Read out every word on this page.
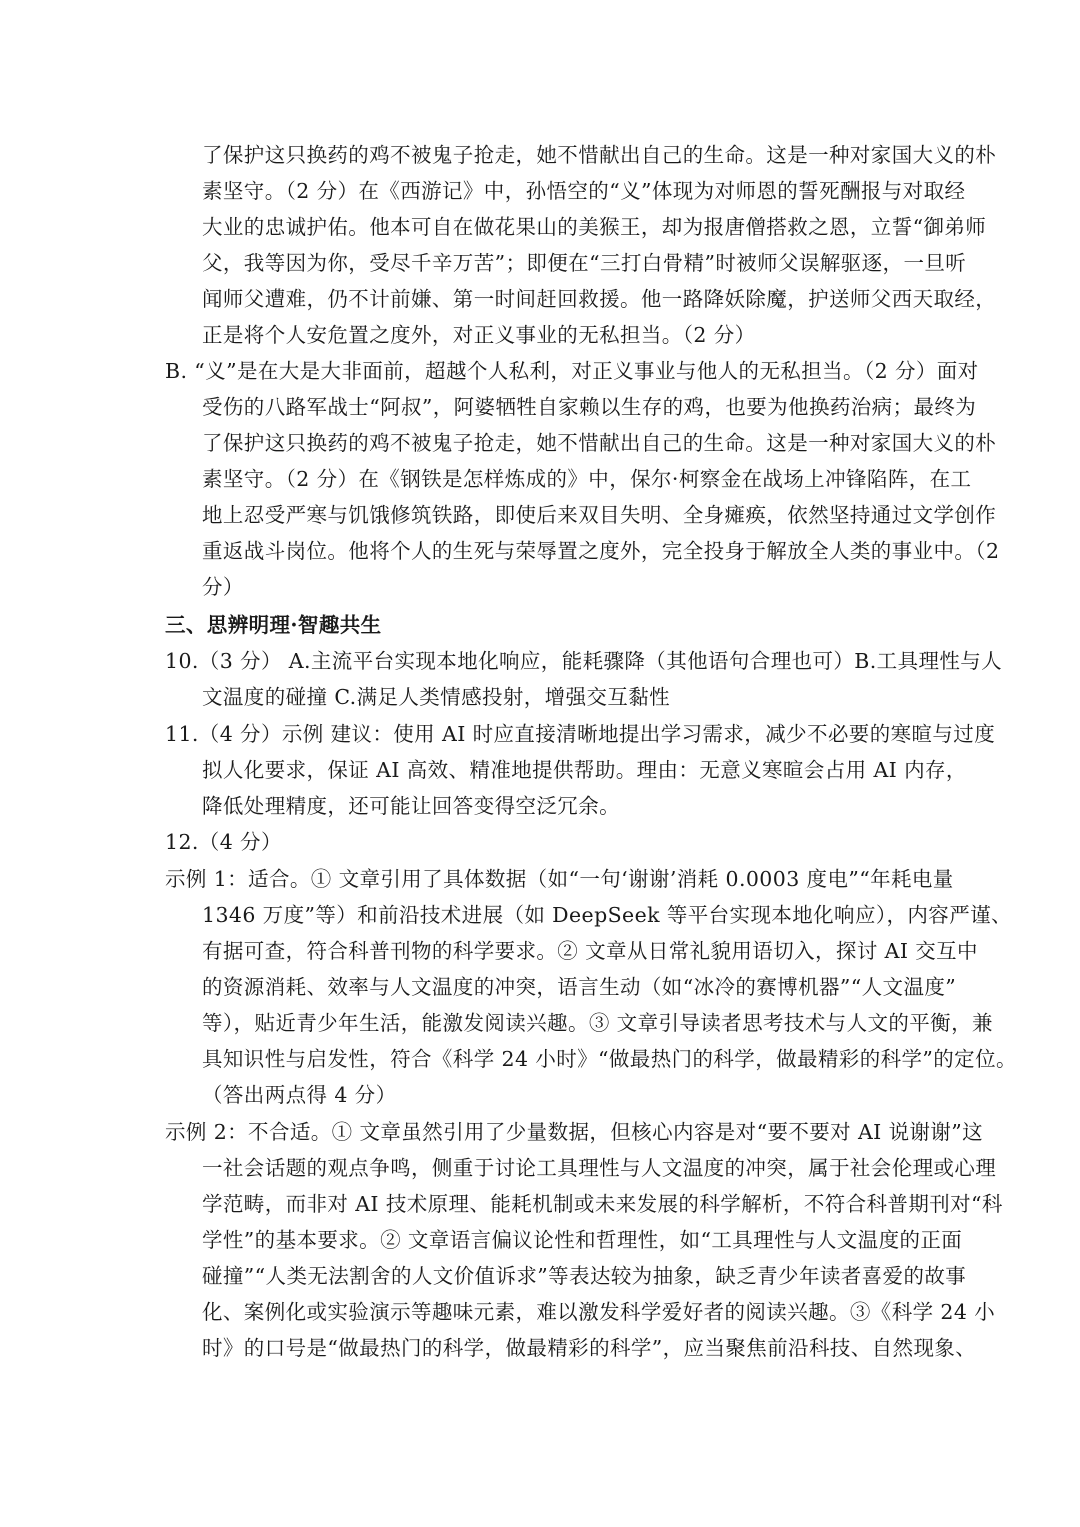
了保护这只换药的鸡不被鬼子抢走，她不惜献出自己的生命。这是一种对家国大义的朴
素坚守。（2 分）在《西游记》中，孙悟空的“义”体现为对师恩的誓死酬报与对取经
大业的忠诚护佑。他本可自在做花果山的美猴王，却为报唐僧搭救之恩，立誓“御弟师
父，我等因为你，受尽千辛万苦”；即便在“三打白骨精”时被师父误解驱逐，一旦听
闻师父遭难，仍不计前嫌、第一时间赶回救援。他一路降妖除魔，护送师父西天取经，
正是将个人安危置之度外，对正义事业的无私担当。（2 分）
B. “义”是在大是大非面前，超越个人私利，对正义事业与他人的无私担当。（2 分）面对
受伤的八路军战士“阿叔”，阿婆牺牲自家赖以生存的鸡，也要为他换药治病；最终为
了保护这只换药的鸡不被鬼子抢走，她不惜献出自己的生命。这是一种对家国大义的朴
素坚守。（2 分）在《钢铁是怎样炼成的》中，保尔·柯察金在战场上冲锋陷阵，在工
地上忍受严寒与饥饿修筑铁路，即使后来双目失明、全身瘫痪，依然坚持通过文学创作
重返战斗岗位。他将个人的生死与荣辱置之度外，完全投身于解放全人类的事业中。（2
分）
三、思辨明理·智趣共生
10.（3 分） A.主流平台实现本地化响应，能耗骤降（其他语句合理也可）B.工具理性与人
文温度的碰撞 C.满足人类情感投射，增强交互黏性
11.（4 分）示例 建议：使用 AI 时应直接清晰地提出学习需求，减少不必要的寒暄与过度
拟人化要求，保证 AI 高效、精准地提供帮助。理由：无意义寒暄会占用 AI 内存，
降低处理精度，还可能让回答变得空泛冗余。
12.（4 分）
示例 1：适合。① 文章引用了具体数据（如“一句‘谢谢’消耗 0.0003 度电”“年耗电量
1346 万度”等）和前沿技术进展（如 DeepSeek 等平台实现本地化响应），内容严谨、
有据可查，符合科普刊物的科学要求。② 文章从日常礼貌用语切入，探讨 AI 交互中
的资源消耗、效率与人文温度的冲突，语言生动（如“冰冷的赛博机器”“人文温度”
等），贴近青少年生活，能激发阅读兴趣。③ 文章引导读者思考技术与人文的平衡，兼
具知识性与启发性，符合《科学 24 小时》“做最热门的科学，做最精彩的科学”的定位。
（答出两点得 4 分）
示例 2：不合适。① 文章虽然引用了少量数据，但核心内容是对“要不要对 AI 说谢谢”这
一社会话题的观点争鸣，侧重于讨论工具理性与人文温度的冲突，属于社会伦理或心理
学范畴，而非对 AI 技术原理、能耗机制或未来发展的科学解析，不符合科普期刊对“科
学性”的基本要求。② 文章语言偏议论性和哲理性，如“工具理性与人文温度的正面
碰撞”“人类无法割舍的人文价值诉求”等表达较为抽象，缺乏青少年读者喜爱的故事
化、案例化或实验演示等趣味元素，难以激发科学爱好者的阅读兴趣。③《科学 24 小
时》的口号是“做最热门的科学，做最精彩的科学”，应当聚焦前沿科技、自然现象、
